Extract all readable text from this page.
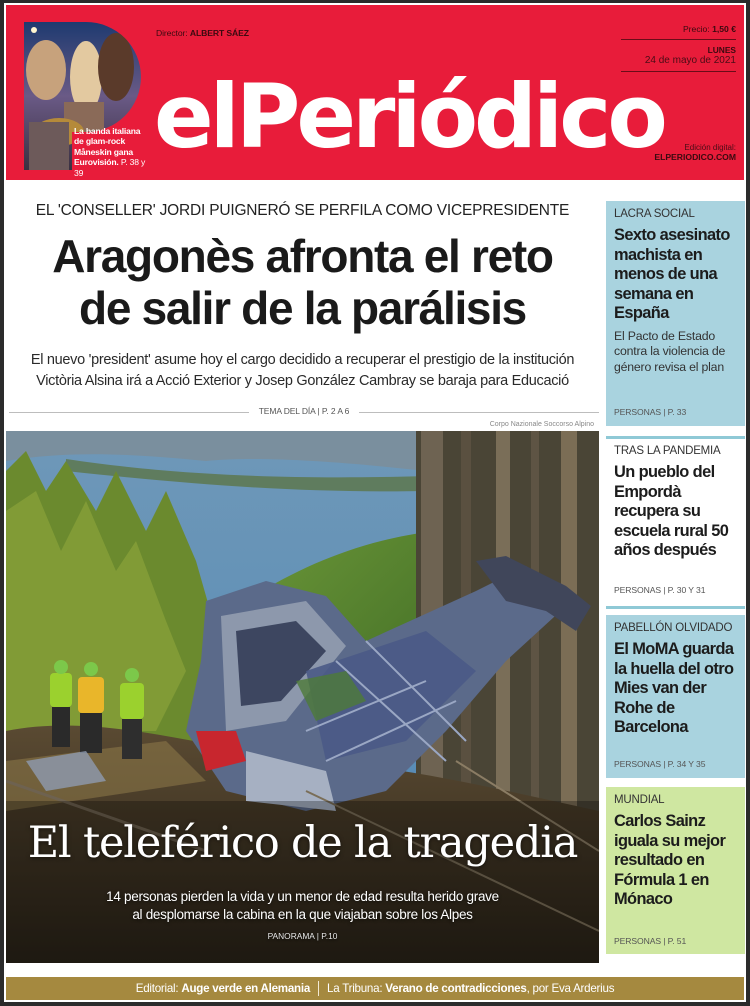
La banda italiana de glam-rock Måneskin gana Eurovisión. P. 38 y 39
Director: ALBERT SÁEZ
elPeriódico
Precio: 1,50 €
LUNES
24 de mayo de 2021
Edición digital:
ELPERIODICO.COM
EL 'CONSELLER' JORDI PUIGNERÓ SE PERFILA COMO VICEPRESIDENTE
Aragonès afronta el reto
de salir de la parálisis
El nuevo 'president' asume hoy el cargo decidido a recuperar el prestigio de la institución
Victòria Alsina irá a Acció Exterior y Josep González Cambray se baraja para Educació
TEMA DEL DÍA | P. 2 A 6
Corpo Nazionale Soccorso Alpino
El teleférico de la tragedia
14 personas pierden la vida y un menor de edad resulta herido grave
al desplomarse la cabina en la que viajaban sobre los Alpes
PANORAMA | P.10
LACRA SOCIAL
Sexto asesinato machista en menos de una semana en España
El Pacto de Estado contra la violencia de género revisa el plan
PERSONAS | P. 33
TRAS LA PANDEMIA
Un pueblo del Empordà recupera su escuela rural 50 años después
PERSONAS | P. 30 Y 31
PABELLÓN OLVIDADO
El MoMA guarda la huella del otro Mies van der Rohe de Barcelona
PERSONAS | P. 34 Y 35
MUNDIAL
Carlos Sainz iguala su mejor resultado en Fórmula 1 en Mónaco
PERSONAS | P. 51
Editorial: Auge verde en Alemania La Tribuna: Verano de contradicciones, por Eva Arderius
